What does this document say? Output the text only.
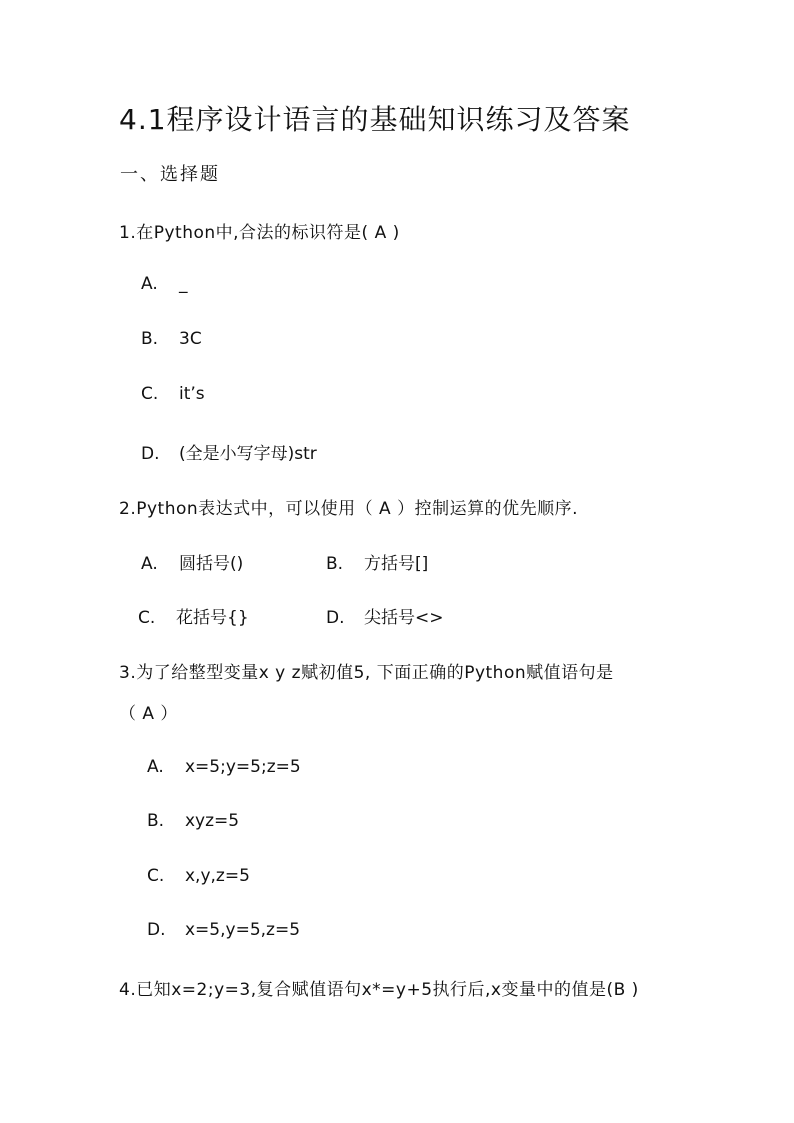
4.1程序设计语言的基础知识练习及答案
一、选择题
1.在Python中,合法的标识符是( A )
A. _
B. 3C
C. it’s
D. (全是小写字母)str
2.Python表达式中，可以使用（ A ）控制运算的优先顺序.
A. 圆括号()	B. 方括号[]
C. 花括号{}	D. 尖括号<>
3.为了给整型变量x y z赋初值5, 下面正确的Python赋值语句是
（ A ）
A. x=5;y=5;z=5
B. xyz=5
C. x,y,z=5
D. x=5,y=5,z=5
4.已知x=2;y=3,复合赋值语句x*=y+5执行后,x变量中的值是(B )
